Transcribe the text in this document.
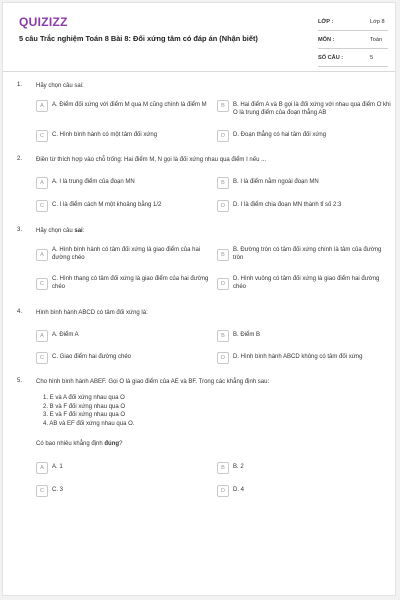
QUIZIZZ
5 câu Trắc nghiệm Toán 8 Bài 8: Đối xứng tâm có đáp án (Nhận biết)
LỚP :	Lớp 8
MÔN :	Toán
SỐ CÂU :	5
1. Hãy chọn câu sai:
A	A. Điểm đối xứng với điểm M qua M cũng chính là điểm M	B	B. Hai điểm A và B gọi là đối xứng với nhau qua điểm O khi O là trung điểm của đoạn thẳng AB
C	C. Hình bình hành có một tâm đối xứng	D	D. Đoạn thẳng có hai tâm đối xứng
2. Điền từ thích hợp vào chỗ trống: Hai điểm M, N gọi là đối xứng nhau qua điểm I nếu ...
A	A. I là trung điểm của đoạn MN	B	B. I là điểm nằm ngoài đoạn MN
C	C. I là điểm cách M một khoảng bằng 1/2	D	D. I là điểm chia đoạn MN thành tỉ số 2:3
3. Hãy chọn câu sai:
A
A. Hình bình hành có tâm đối xứng là giao điểm của hai đường chéo	B
B. Đường tròn có tâm đối xứng chính là tâm của đường tròn
C
C. Hình thang có tâm đối xứng là giao điểm của hai đường chéo	D
D. Hình vuông có tâm đối xứng là giao điểm hai đường chéo
4. Hình bình hành ABCD có tâm đối xứng là:
A	A. Điểm A	B	B. Điểm B
C	C. Giao điểm hai đường chéo	D	D. Hình bình hành ABCD không có tâm đối xứng
5. Cho hình bình hành ABEF. Gọi O là giao điểm của AE và BF. Trong các khẳng định sau:
1. E và A đối xứng nhau qua O
2. B và F đối xứng nhau qua O
3. E và F đối xứng nhau qua O
4. AB và EF đối xứng nhau qua O.
Có bao nhiêu khẳng định đúng?
A	A. 1	B	B. 2
C	C. 3	D	D. 4
